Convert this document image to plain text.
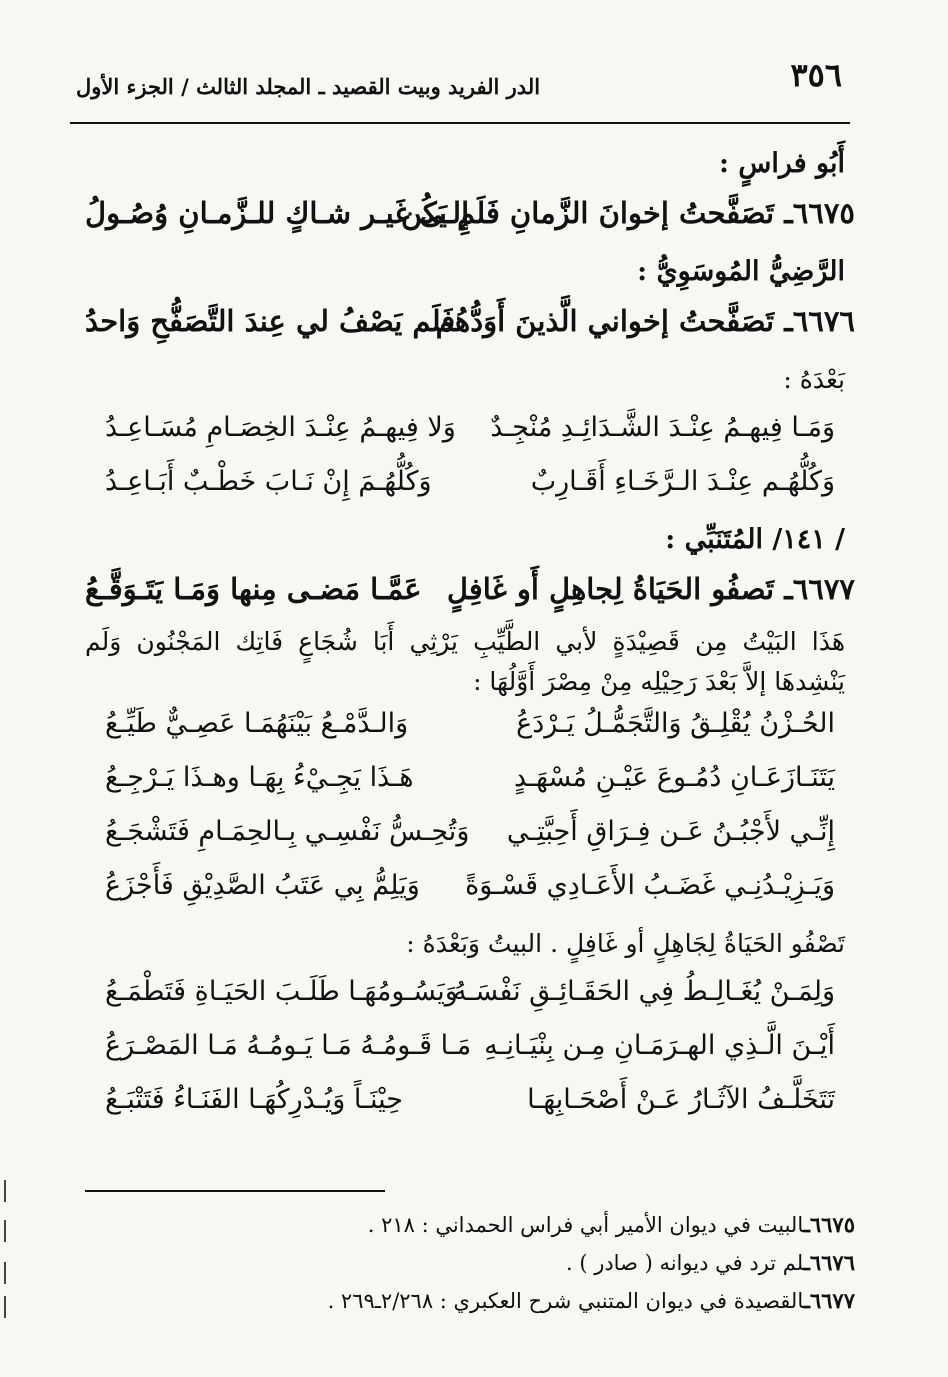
٣٥٦
الدر الفريد وبيت القصيد ـ المجلد الثالث / الجزء الأول
أَبُو فراسٍ :
٦٦٧٥ـ تَصَفَّحتُ إخوانَ الزَّمانِ فَلَم يَكُن
إِلـى غَيـر شـاكٍ للـزَّمـانِ وُصُـولُ
الرَّضِيُّ المُوسَوِيُّ :
٦٦٧٦ـ تَصَفَّحتُ إخواني الَّذينَ أَوَدُّهُم
فَلَم يَصْفُ لي عِندَ التَّصَفُّحِ وَاحدُ
بَعْدَهُ :
وَمَـا فِيهـمُ عِنْـدَ الشَّـدَائِـدِ مُنْجِـدٌ
وَلا فِيهـمُ عِنْـدَ الخِصَـامِ مُسَـاعِـدُ
وَكُلُّهُـم عِنْـدَ الـرَّخَـاءِ أَقَـارِبٌ
وَكُلُّهُـمَ إِنْ نَـابَ خَطْـبٌ أَبَـاعِـدُ
/ ١٤١/ المُتَنَبِّي :
٦٦٧٧ـ تَصفُو الحَيَاةُ لِجاهِلٍ أَو غَافِلٍ
عَمَّـا مَضـى مِنها وَمَـا يَتَـوَقَّـعُ
هَذَا البَيْتُ مِن قَصِيْدَةٍ لأبي الطَّيِّبِ يَرْثِي أَبَا شُجَاعٍ فَاتِك المَجْنُون وَلَم يَنْشِدهَا إلاَّ بَعْدَ رَحِيْلِه مِنْ مِصْرَ أَوَّلُهَا :
الحُـزْنُ يُقْلِـقُ وَالتَّجَمُّـلُ يَـرْدَعُ
وَالـدَّمْـعُ بَيْنَهُمَـا عَصِـيٌّ طَيِّـعُ
يَتَنَـازَعَـانِ دُمُـوعَ عَيْـنِ مُسْهَـدٍ
هَـذَا يَجِـيْءُ بِهَـا وهـذَا يَـرْجِـعُ
إِنِّـي لأَجْبُـنُ عَـن فِـرَاقِ أَحِبَّتِـي
وَتُحِـسُّ نَفْسِـي بِـالحِمَـامِ فَتَشْجَـعُ
وَيَـزِيْـدُنِـي غَضَـبُ الأَعَـادِي قَسْـوَةً
وَيَلِمُّ بِي عَتَبُ الصَّدِيْقِ فَأَجْزَعُ
تَصْفُو الحَيَاةُ لِجَاهِلٍ أو غَافِلٍ . البيتُ وَبَعْدَهُ :
وَلِمَـنْ يُغَـالِـطُ فِي الحَقَـائِـقِ نَفْسَـهُ
وَيَسُـومُهَـا طَلَـبَ الحَيَـاةِ فَتَطْمَـعُ
أَيْـنَ الَّـذِي الهـرَمَـانِ مِـن بِنْيَـانِـهِ
مَـا قَـومُـهُ مَـا يَـومُـهُ مَـا المَصْـرَعُ
تَتَخَلَّـفُ الآثَـارُ عَـنْ أَصْحَـابِهَـا
حِيْنَـاً وَيُـدْرِكُهَـا الفَنَـاءُ فَتَتْبَـعُ
٦٦٧٥ـالبيت في ديوان الأمير أبي فراس الحمداني : ٢١٨ .
٦٦٧٦ـلم ترد في ديوانه ( صادر ) .
٦٦٧٧ـالقصيدة في ديوان المتنبي شرح العكبري : ٢/٢٦٨ـ٢٦٩ .
